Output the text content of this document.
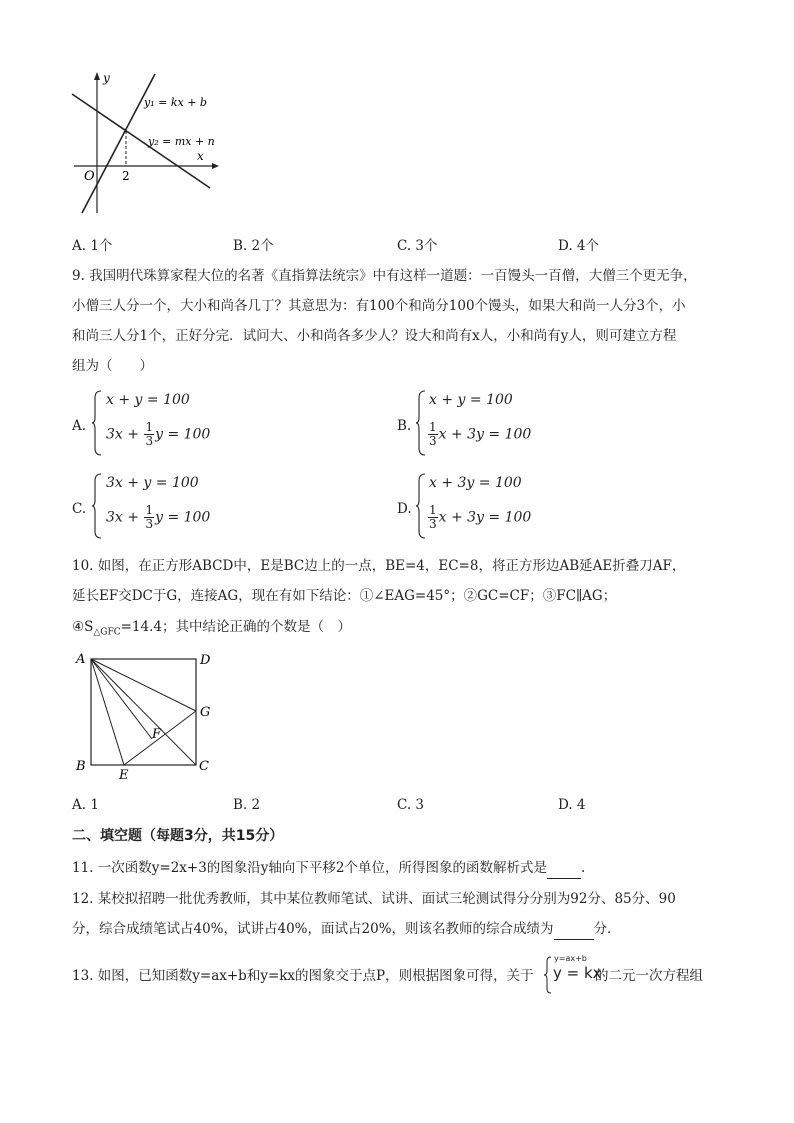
y
x
O 2
y₁ = kx + b
y₂ = mx + n
A. 1个	B. 2个	C. 3个	D. 4个
9. 我国明代珠算家程大位的名著《直指算法统宗》中有这样一道题：一百馒头一百僧，大僧三个更无争，
小僧三人分一个，大小和尚各几丁？其意思为：有100个和尚分100个馒头，如果大和尚一人分3个，小
和尚三人分1个，正好分完．试问大、小和尚各多少人？设大和尚有x人，小和尚有y人，则可建立方程
组为（　　）
A.
x + y = 100
$3x + \frac{1}{3}$ y = 100
B.
x + y = 100
$\frac{1}{3}$ x + 3y = 100
C.
3x + y = 100
$3x + \frac{1}{3}$ y = 100
D.
x + 3y = 100
$\frac{1}{3}$ x + 3y = 100
10. 如图，在正方形ABCD中，E是BC边上的一点，BE=4，EC=8，将正方形边AB延AE折叠刀AF，
延长EF交DC于G，连接AG，现在有如下结论：①∠EAG=45°；②GC=CF；③FC∥AG；
$④S_{\triangle GFC}=14.4$；其中结论正确的个数是（　）
A	D
G
F
B
E
C
A. 1	B. 2	C. 3	D. 4
二、填空题（每题3分，共15分）
11. 一次函数y=2x+3的图象沿y轴向下平移2个单位，所得图象的函数解析式是	.
12. 某校拟招聘一批优秀教师，其中某位教师笔试、试讲、面试三轮测试得分分别为92分、85分、90
分，综合成绩笔试占40%，试讲占40%，面试占20%，则该名教师的综合成绩为	分．
13. 如图，已知函数y=ax+b和y=kx的图象交于点P，则根据图象可得，关于
y=ax+b
y = kx
的二元一次方程组
